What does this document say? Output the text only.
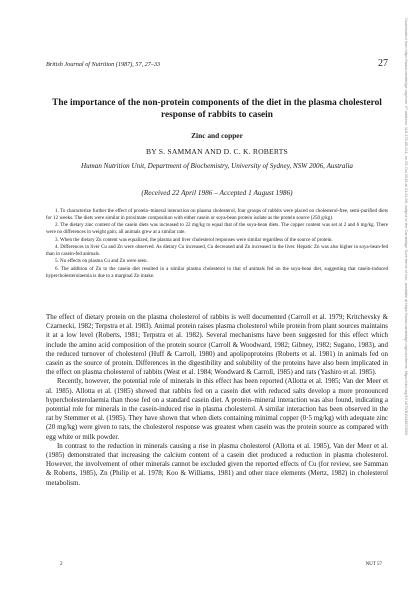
British Journal of Nutrition (1987), 57, 27–33	27	Downloaded from https://www.cambridge.org/core. IP address: 118.176.89.241, on 05 Oct 2019 at 21:24:05, subject to the Cambridge Core terms of use, available at https://www.cambridge.org/core/terms. https://doi.org/10.1079/BJN19870006
The importance of the non-protein components of the diet in the plasma cholesterol response of rabbits to casein
Zinc and copper
BY S. SAMMAN AND D. C. K. ROBERTS
Human Nutrition Unit, Department of Biochemistry, University of Sydney, NSW 2006, Australia
(Received 22 April 1986 – Accepted 1 August 1986)
1. To characterize further the effect of protein–mineral interaction on plasma cholesterol, four groups of rabbits were placed on cholesterol-free, semi-purified diets for 12 weeks. The diets were similar in proximate composition with either casein or soya-bean protein isolate as the protein source (250 g/kg).
2. The dietary zinc content of the casein diets was increased to 22 mg/kg to equal that of the soya-bean diets. The copper content was set at 2 and 6 mg/kg. There were no differences in weight gain; all animals grew at a similar rate.
3. When the dietary Zn content was equalized, the plasma and liver cholesterol responses were similar regardless of the source of protein.
4. Differences in liver Cu and Zn were observed. As dietary Cu increased, Cu decreased and Zn increased in the liver. Hepatic Zn was also higher in soya-bean-fed than in casein-fed animals.
5. No effects on plasma Cu and Zn were seen.
6. The addition of Zn to the casein diet resulted in a similar plasma cholesterol to that of animals fed on the soya-bean diet, suggesting that casein-induced hypercholesterolaemia is due to a marginal Zn intake.

The effect of dietary protein on the plasma cholesterol of rabbits is well documented (Carroll et al. 1979; Kritchevsky & Czarnecki, 1982; Terpstra et al. 1983). Animal protein raises plasma cholesterol while protein from plant sources maintains it at a low level (Roberts, 1981; Terpstra et al. 1982). Several mechanisms have been suggested for this effect which include the amino acid composition of the protein source (Carroll & Woodward, 1982; Gibney, 1982; Sugano, 1983), and the reduced turnover of cholesterol (Huff & Carroll, 1980) and apolipoproteins (Roberts et al. 1981) in animals fed on casein as the source of protein. Differences in the digestibility and solubility of the proteins have also been implicated in the effect on plasma cholesterol of rabbits (West et al. 1984; Woodward & Carroll, 1985) and rats (Yashiro et al. 1985).

Recently, however, the potential role of minerals in this effect has been reported (Allotta et al. 1985; Van der Meer et al. 1985). Allotta et al. (1985) showed that rabbits fed on a casein diet with reduced salts develop a more pronounced hypercholesterolaemia than those fed on a standard casein diet. A protein–mineral interaction was also found, indicating a potential role for minerals in the casein-induced rise in plasma cholesterol. A similar interaction has been observed in the rat by Stemmer et al. (1985). They have shown that when diets containing minimal copper (0·5 mg/kg) with adequate zinc (20 mg/kg) were given to rats, the cholesterol response was greatest when casein was the protein source as compared with egg white or milk powder.

In contrast to the reduction in minerals causing a rise in plasma cholesterol (Allotta et al. 1985), Van der Meer et al. (1985) demonstrated that increasing the calcium content of a casein diet produced a reduction in plasma cholesterol. However, the involvement of other minerals cannot be excluded given the reported effects of Cu (for review, see Samman & Roberts, 1985), Zn (Philip et al. 1978; Koo & Williams, 1981) and other trace elements (Mertz, 1982) in cholesterol metabolism.

2	NUT 57
